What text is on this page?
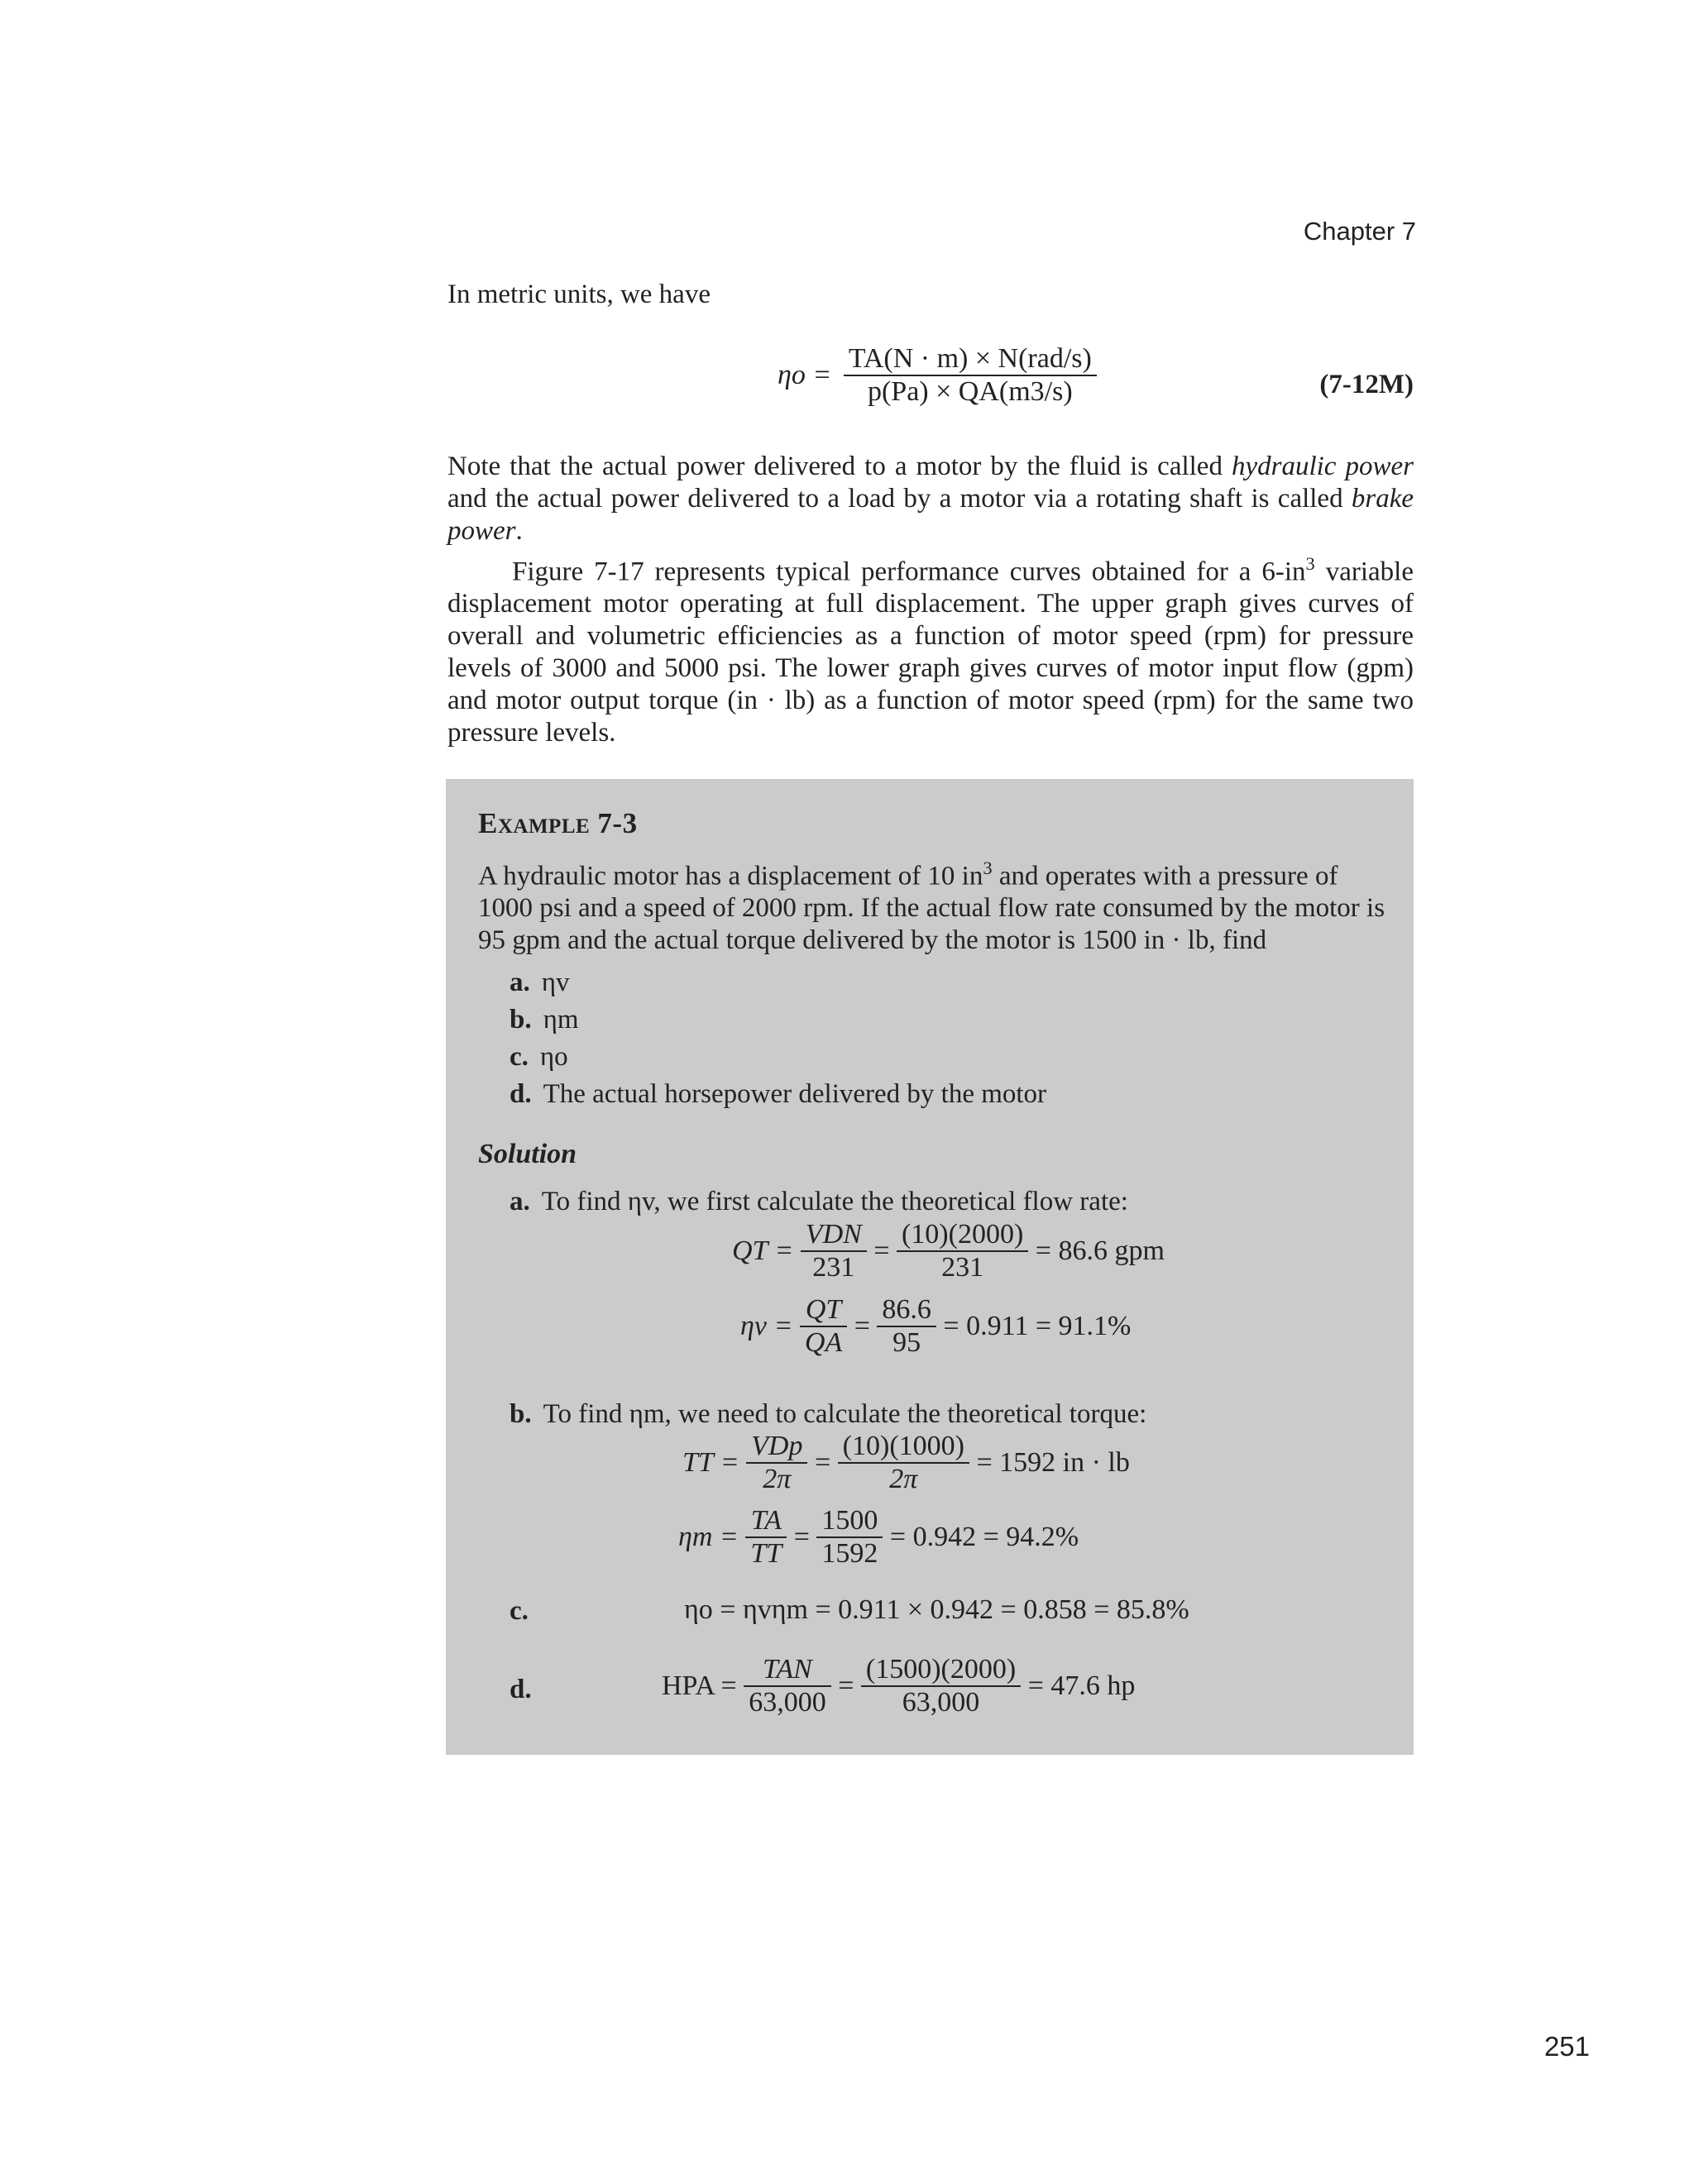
Chapter 7
In metric units, we have
$\eta o = \frac{\text{TA(N · m) × N(rad/s)}}{p(Pa) \times QA(m3/s)}$	(7-12M)

Note that the actual power delivered to a motor by the fluid is called hydraulic power and the actual power delivered to a load by a motor via a rotating shaft is called brake power.

Figure 7-17 represents typical performance curves obtained for a $6-in^3$ variable displacement motor operating at full displacement. The upper graph gives curves of overall and volumetric efficiencies as a function of motor speed (rpm) for pressure levels of 3000 and 5000 psi. The lower graph gives curves of motor input flow (gpm) and motor output torque (in · lb) as a function of motor speed (rpm) for the same two pressure levels.

Example 7-3

A hydraulic motor has a displacement of 10 $in^3$ and operates with a pressure of 1000 psi and a speed of 2000 rpm. If the actual flow rate consumed by the motor is 95 gpm and the actual torque delivered by the motor is 1500 in · lb, find

a. ηv
b. ηm
c. ηo
d. The actual horsepower delivered by the motor
Solution
a. To find ηv, we first calculate the theoretical flow rate:
QT = $\frac{\text{VDN}}{231} = \frac{(10)(2000)}{231} = 86.6$ gpm
$\eta v = \frac{QT}{QA} = \frac{86.6}{95} = 0.911 = 91.1\%$
b. To find ηm, we need to calculate the theoretical torque:
TT = $\frac{\text{VDp}}{2\pi} = \frac{(10)(1000)}{2\pi} = 1592$ in · lb
$\eta m = \frac{TA}{TT} = \frac{1500}{1592} = 0.942 = 94.2\%$
c.	ηo = ηvηm = 0.911 × 0.942 = 0.858 = 85.8%
d.	HPA = $\frac{\text{TAN}}{63,000} = \frac{(1500)(2000)}{63,000} = 47.6$ hp
251
